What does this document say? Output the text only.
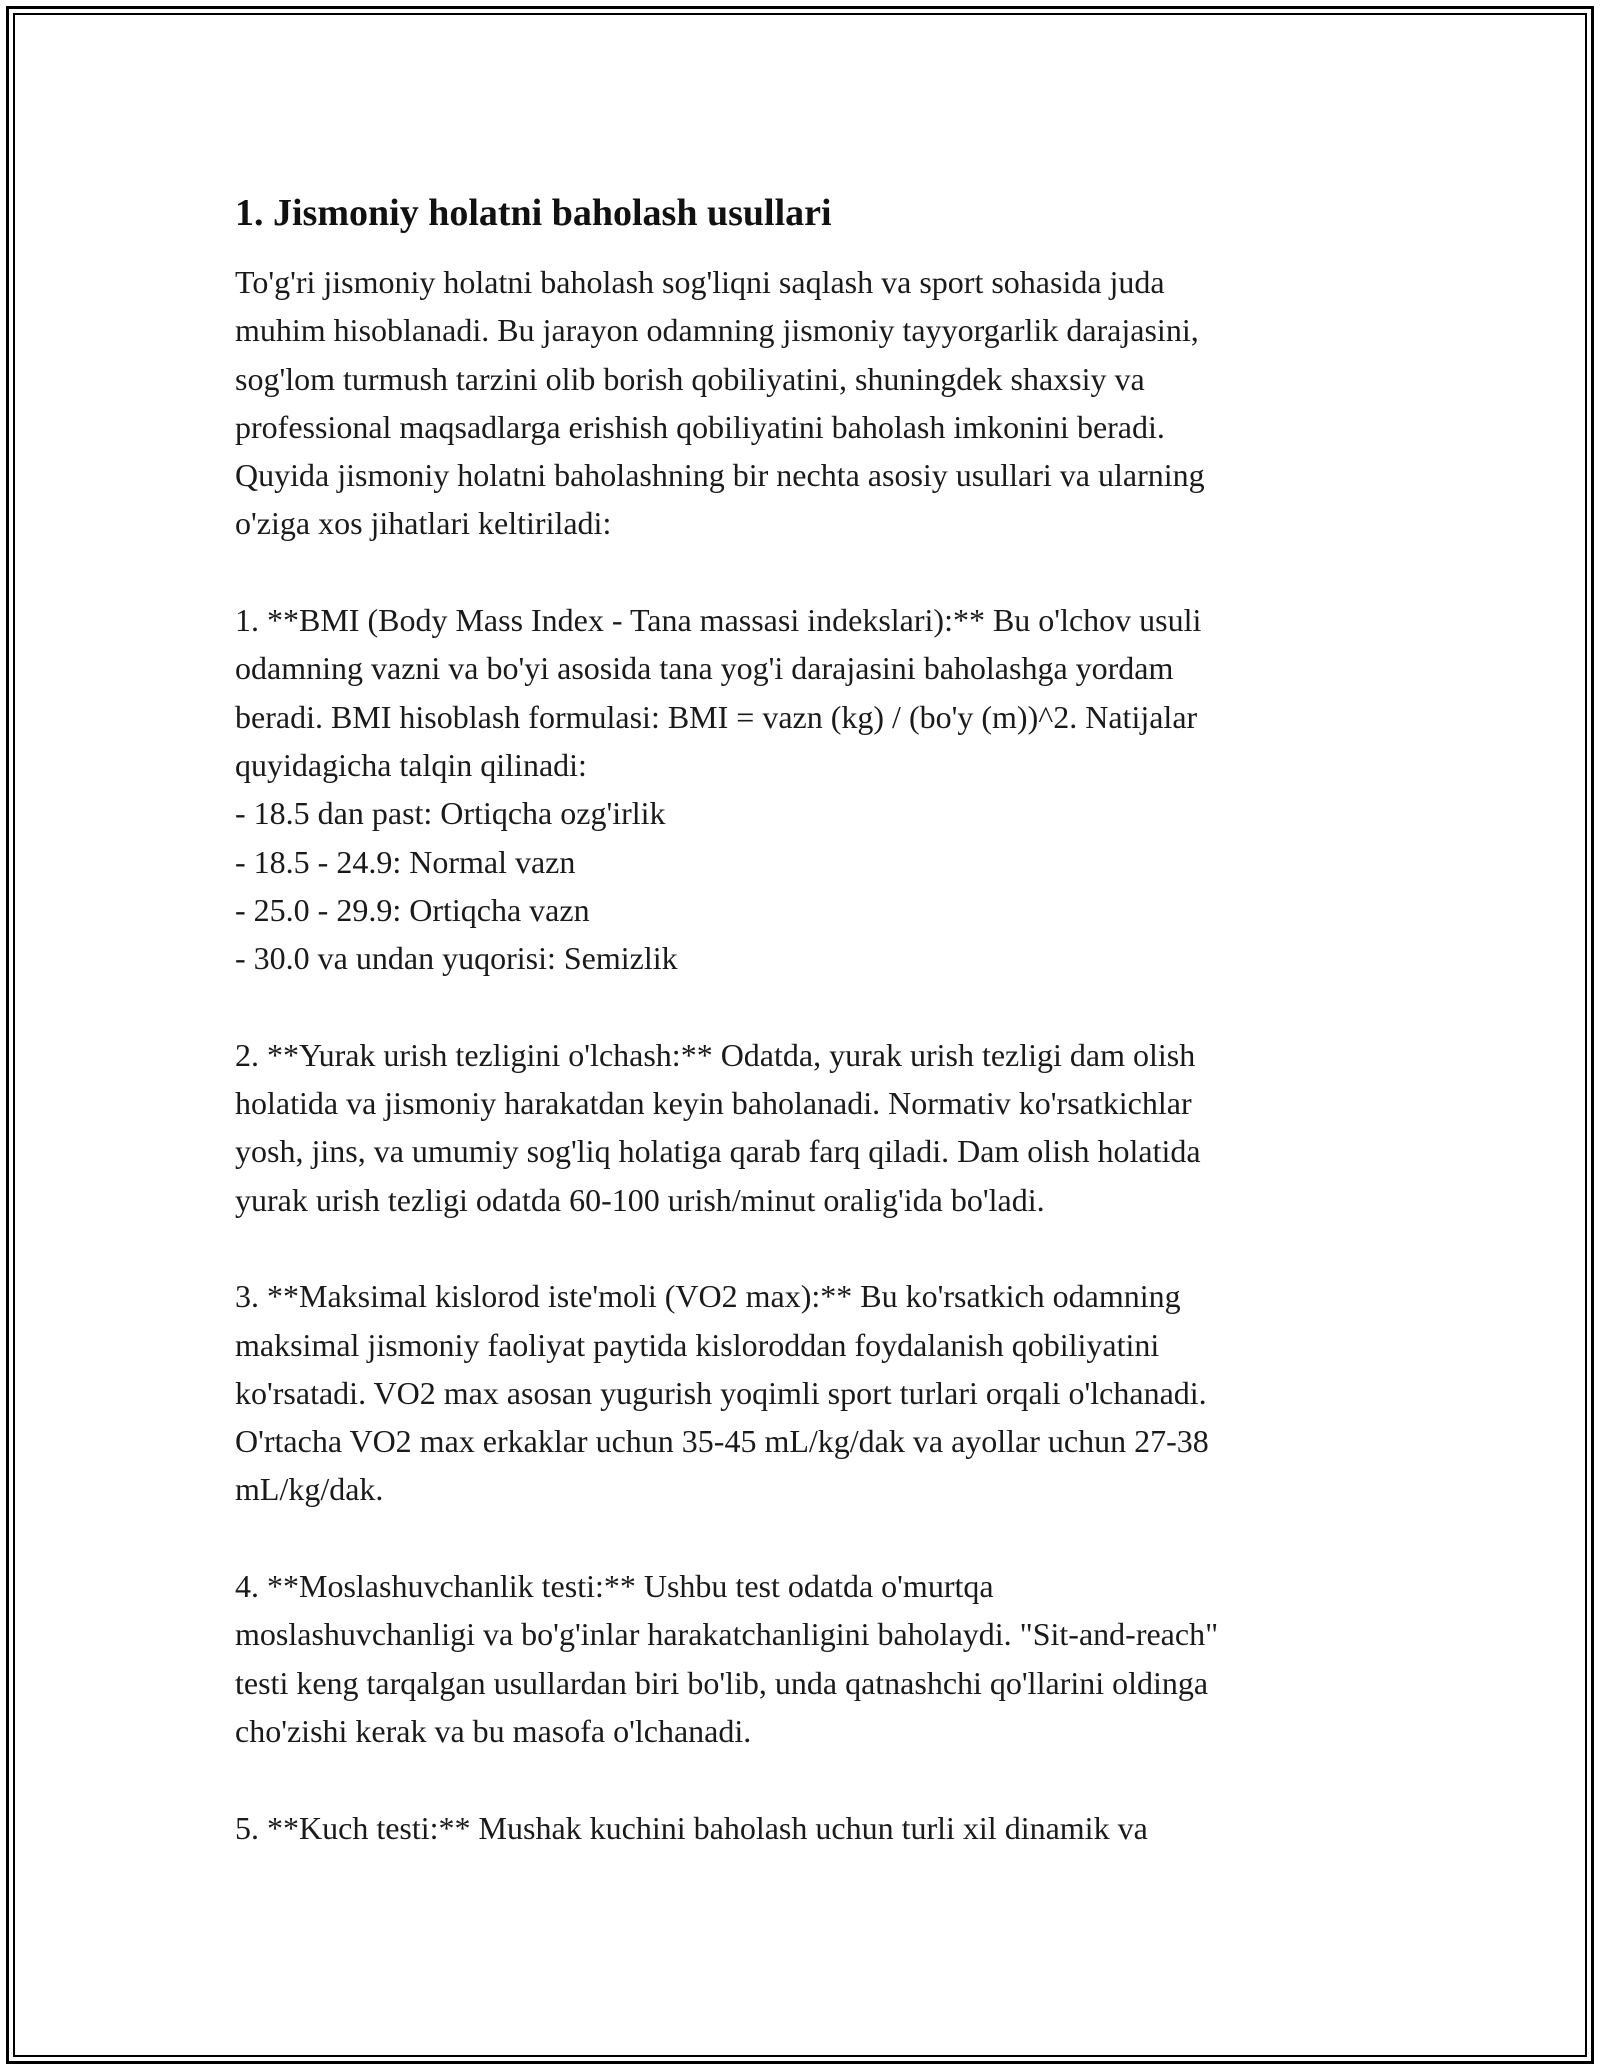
1. Jismoniy holatni baholash usullari

To'g'ri jismoniy holatni baholash sog'liqni saqlash va sport sohasida juda
muhim hisoblanadi. Bu jarayon odamning jismoniy tayyorgarlik darajasini,
sog'lom turmush tarzini olib borish qobiliyatini, shuningdek shaxsiy va
professional maqsadlarga erishish qobiliyatini baholash imkonini beradi.
Quyida jismoniy holatni baholashning bir nechta asosiy usullari va ularning
o'ziga xos jihatlari keltiriladi:

1. **BMI (Body Mass Index - Tana massasi indekslari):** Bu o'lchov usuli
odamning vazni va bo'yi asosida tana yog'i darajasini baholashga yordam
beradi. BMI hisoblash formulasi: BMI = vazn (kg) / (bo'y (m))^2. Natijalar
quyidagicha talqin qilinadi:
- 18.5 dan past: Ortiqcha ozg'irlik
- 18.5 - 24.9: Normal vazn
- 25.0 - 29.9: Ortiqcha vazn
- 30.0 va undan yuqorisi: Semizlik

2. **Yurak urish tezligini o'lchash:** Odatda, yurak urish tezligi dam olish
holatida va jismoniy harakatdan keyin baholanadi. Normativ ko'rsatkichlar
yosh, jins, va umumiy sog'liq holatiga qarab farq qiladi. Dam olish holatida
yurak urish tezligi odatda 60-100 urish/minut oralig'ida bo'ladi.

3. **Maksimal kislorod iste'moli (VO2 max):** Bu ko'rsatkich odamning
maksimal jismoniy faoliyat paytida kisloroddan foydalanish qobiliyatini
ko'rsatadi. VO2 max asosan yugurish yoqimli sport turlari orqali o'lchanadi.
O'rtacha VO2 max erkaklar uchun 35-45 mL/kg/dak va ayollar uchun 27-38
mL/kg/dak.

4. **Moslashuvchanlik testi:** Ushbu test odatda o'murtqa
moslashuvchanligi va bo'g'inlar harakatchanligini baholaydi. "Sit-and-reach"
testi keng tarqalgan usullardan biri bo'lib, unda qatnashchi qo'llarini oldinga
cho'zishi kerak va bu masofa o'lchanadi.

5. **Kuch testi:** Mushak kuchini baholash uchun turli xil dinamik va
